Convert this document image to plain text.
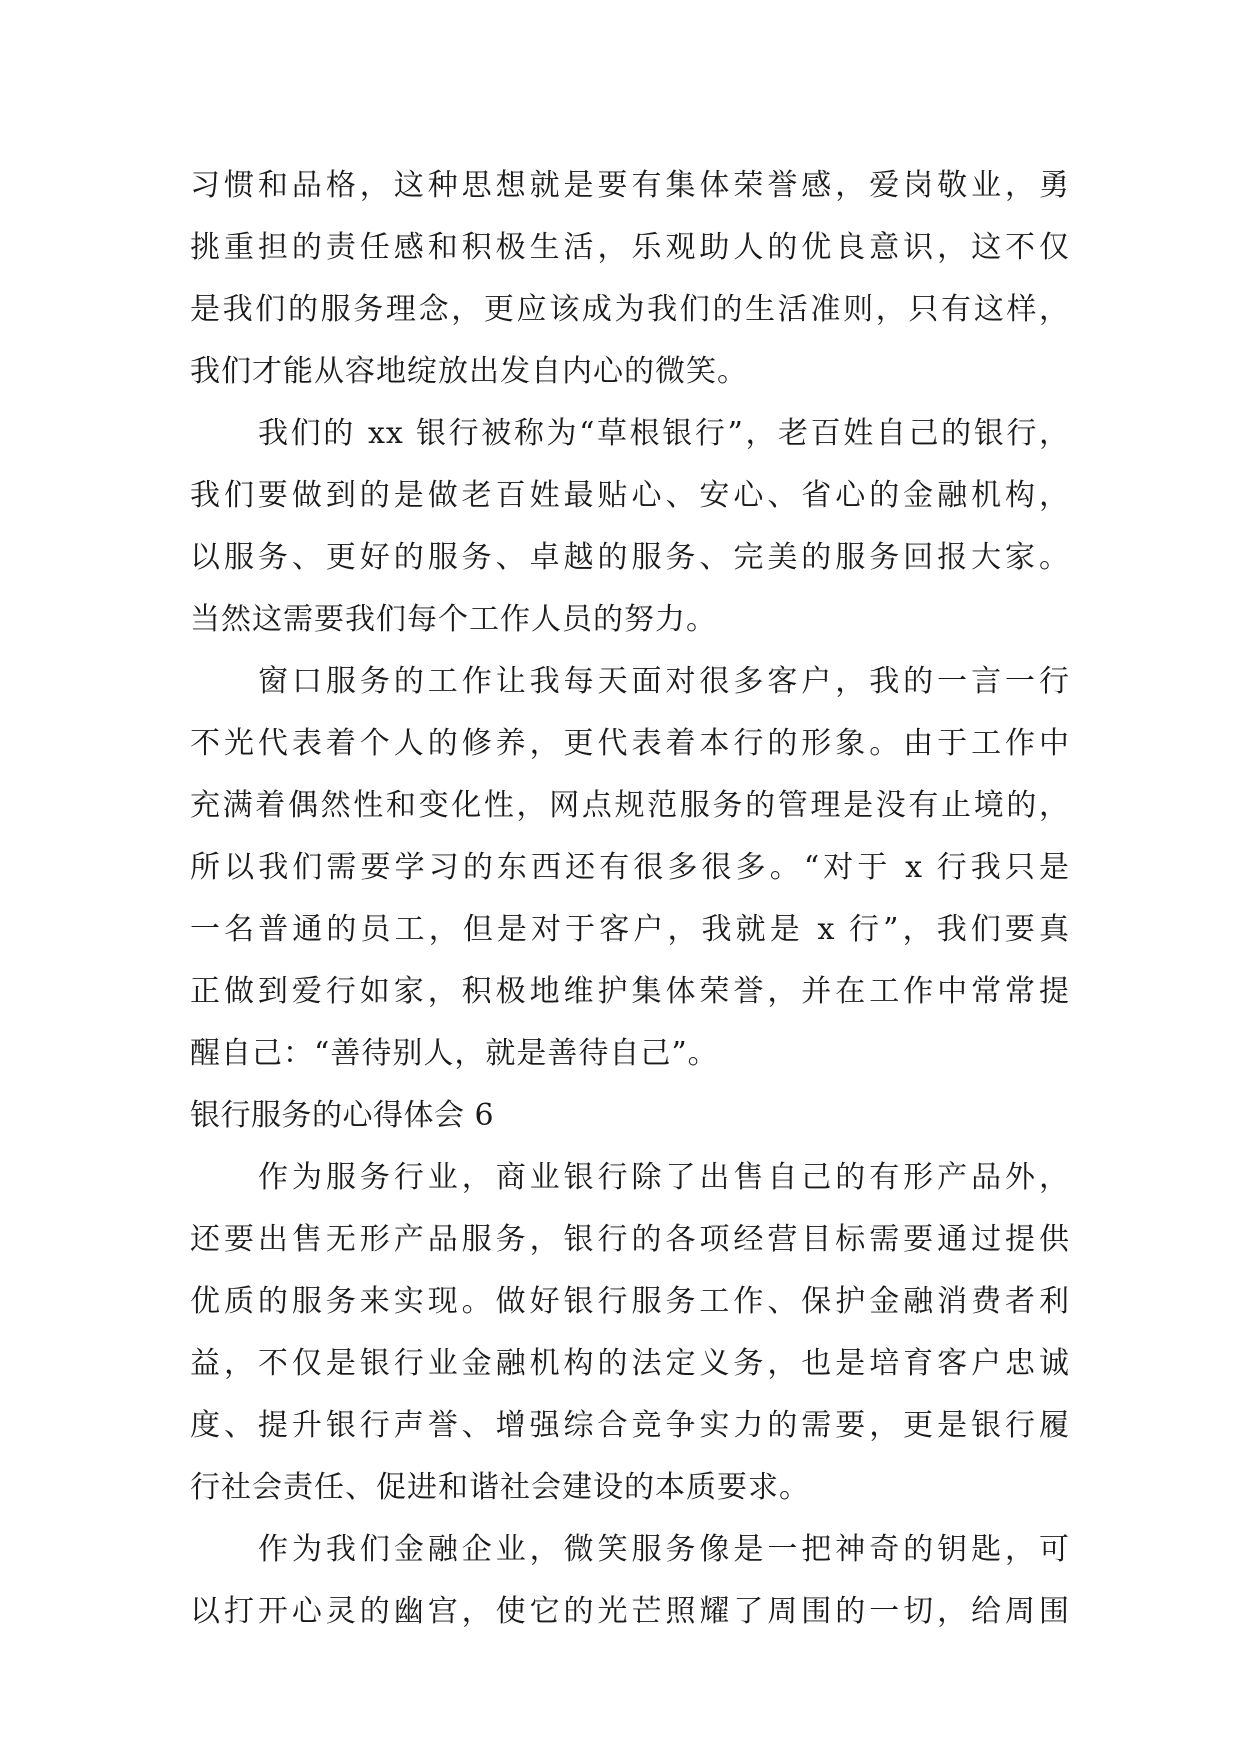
习惯和品格，这种思想就是要有集体荣誉感，爱岗敬业，勇
挑重担的责任感和积极生活，乐观助人的优良意识，这不仅
是我们的服务理念，更应该成为我们的生活准则，只有这样，
我们才能从容地绽放出发自内心的微笑。
我们的 xx 银行被称为“草根银行”，老百姓自己的银行，
我们要做到的是做老百姓最贴心、安心、省心的金融机构，
以服务、更好的服务、卓越的服务、完美的服务回报大家。
当然这需要我们每个工作人员的努力。
窗口服务的工作让我每天面对很多客户，我的一言一行
不光代表着个人的修养，更代表着本行的形象。由于工作中
充满着偶然性和变化性，网点规范服务的管理是没有止境的，
所以我们需要学习的东西还有很多很多。“对于 x 行我只是
一名普通的员工，但是对于客户，我就是 x 行”，我们要真
正做到爱行如家，积极地维护集体荣誉，并在工作中常常提
醒自己：“善待别人，就是善待自己”。
银行服务的心得体会 6
作为服务行业，商业银行除了出售自己的有形产品外，
还要出售无形产品服务，银行的各项经营目标需要通过提供
优质的服务来实现。做好银行服务工作、保护金融消费者利
益，不仅是银行业金融机构的法定义务，也是培育客户忠诚
度、提升银行声誉、增强综合竞争实力的需要，更是银行履
行社会责任、促进和谐社会建设的本质要求。
作为我们金融企业，微笑服务像是一把神奇的钥匙，可
以打开心灵的幽宫，使它的光芒照耀了周围的一切，给周围
